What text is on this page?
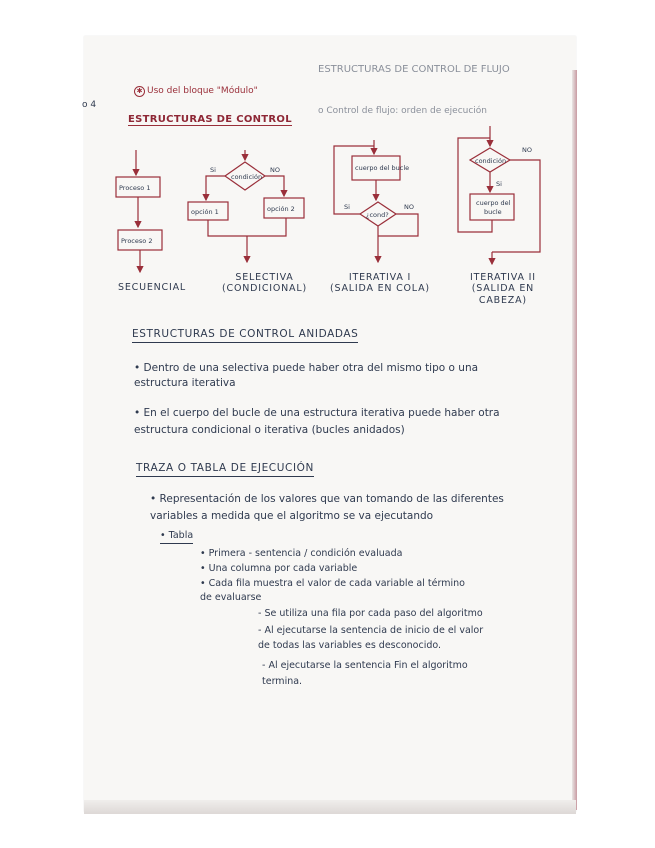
ESTRUCTURAS DE CONTROL DE FLUJO
o Control de flujo: orden de ejecución
o 4
✱ Uso del bloque "Módulo"
ESTRUCTURAS DE CONTROL
Proceso 1
Proceso 2
condición
Si	NO
opción 1	opción 2
cuerpo del bucle
¿cond?
Si	NO
condición
NO
Si
cuerpo del
bucle
SECUENCIAL
SELECTIVA
(CONDICIONAL)
ITERATIVA I
(SALIDA EN COLA)
ITERATIVA II
(SALIDA EN
CABEZA)
ESTRUCTURAS DE CONTROL ANIDADAS
• Dentro de una selectiva puede haber otra del mismo tipo o una
estructura iterativa
• En el cuerpo del bucle de una estructura iterativa puede haber otra
estructura condicional o iterativa (bucles anidados)
TRAZA O TABLA DE EJECUCIÓN
• Representación de los valores que van tomando de las diferentes
variables a medida que el algoritmo se va ejecutando
• Tabla
• Primera - sentencia / condición evaluada
• Una columna por cada variable
• Cada fila muestra el valor de cada variable al término
de evaluarse
- Se utiliza una fila por cada paso del algoritmo
- Al ejecutarse la sentencia de inicio de el valor
de todas las variables es desconocido.
- Al ejecutarse la sentencia Fin el algoritmo
termina.
